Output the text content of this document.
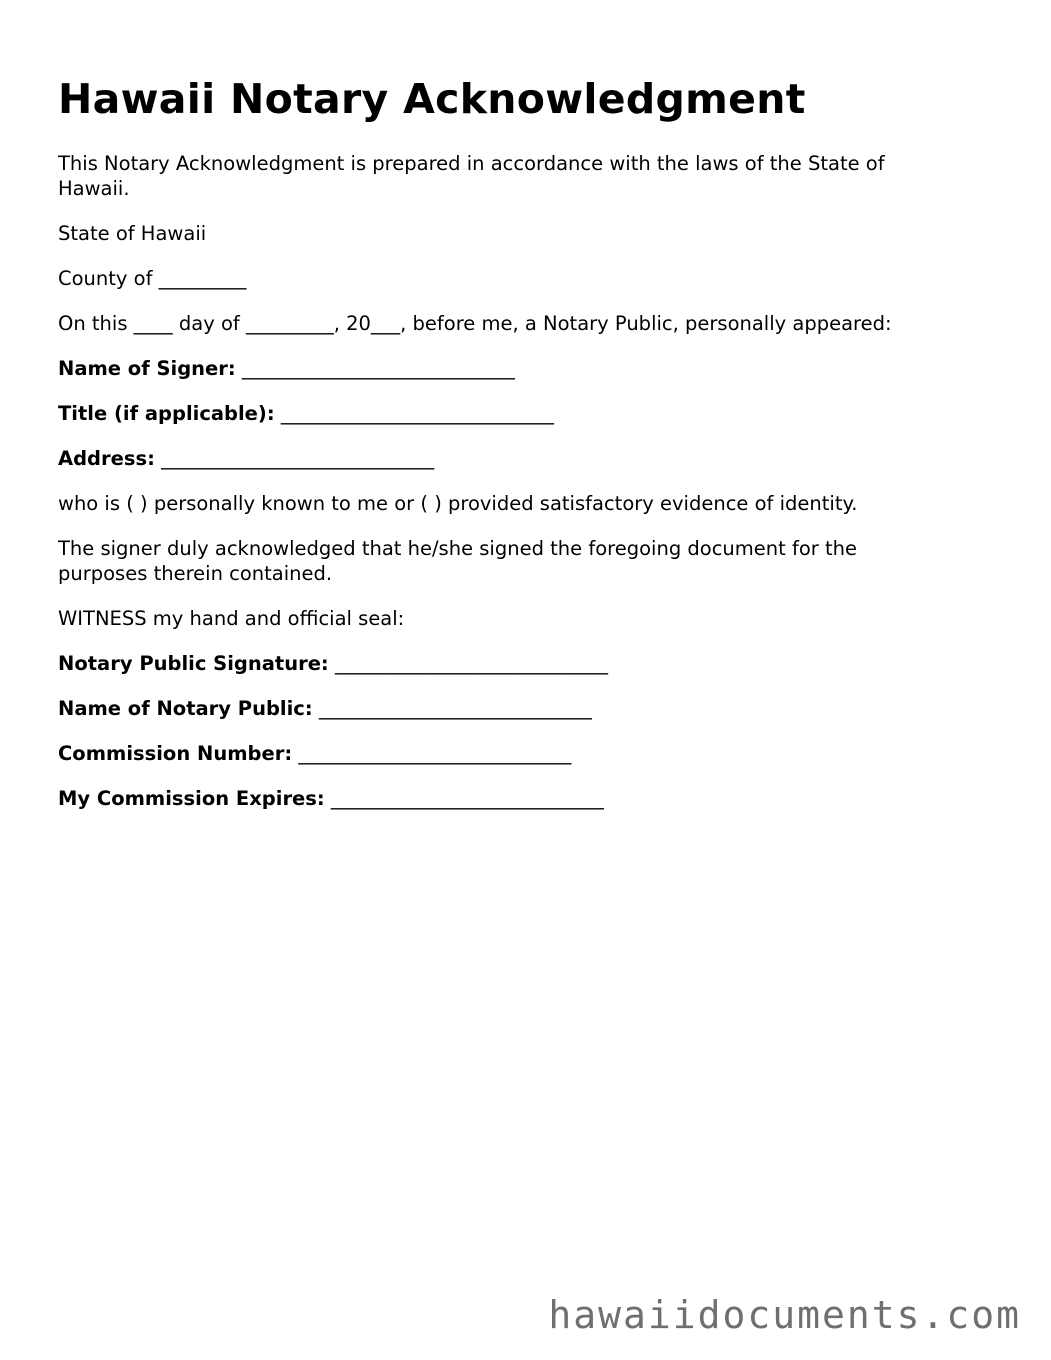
Hawaii Notary Acknowledgment
This Notary Acknowledgment is prepared in accordance with the laws of the State of Hawaii.
State of Hawaii
County of _________
On this ____ day of _________, 20___, before me, a Notary Public, personally appeared:
Name of Signer: ____________________________
Title (if applicable): ____________________________
Address: ____________________________
who is ( ) personally known to me or ( ) provided satisfactory evidence of identity.
The signer duly acknowledged that he/she signed the foregoing document for the purposes therein contained.
WITNESS my hand and official seal:
Notary Public Signature: ____________________________
Name of Notary Public: ____________________________
Commission Number: ____________________________
My Commission Expires: ____________________________
hawaiidocuments.com
